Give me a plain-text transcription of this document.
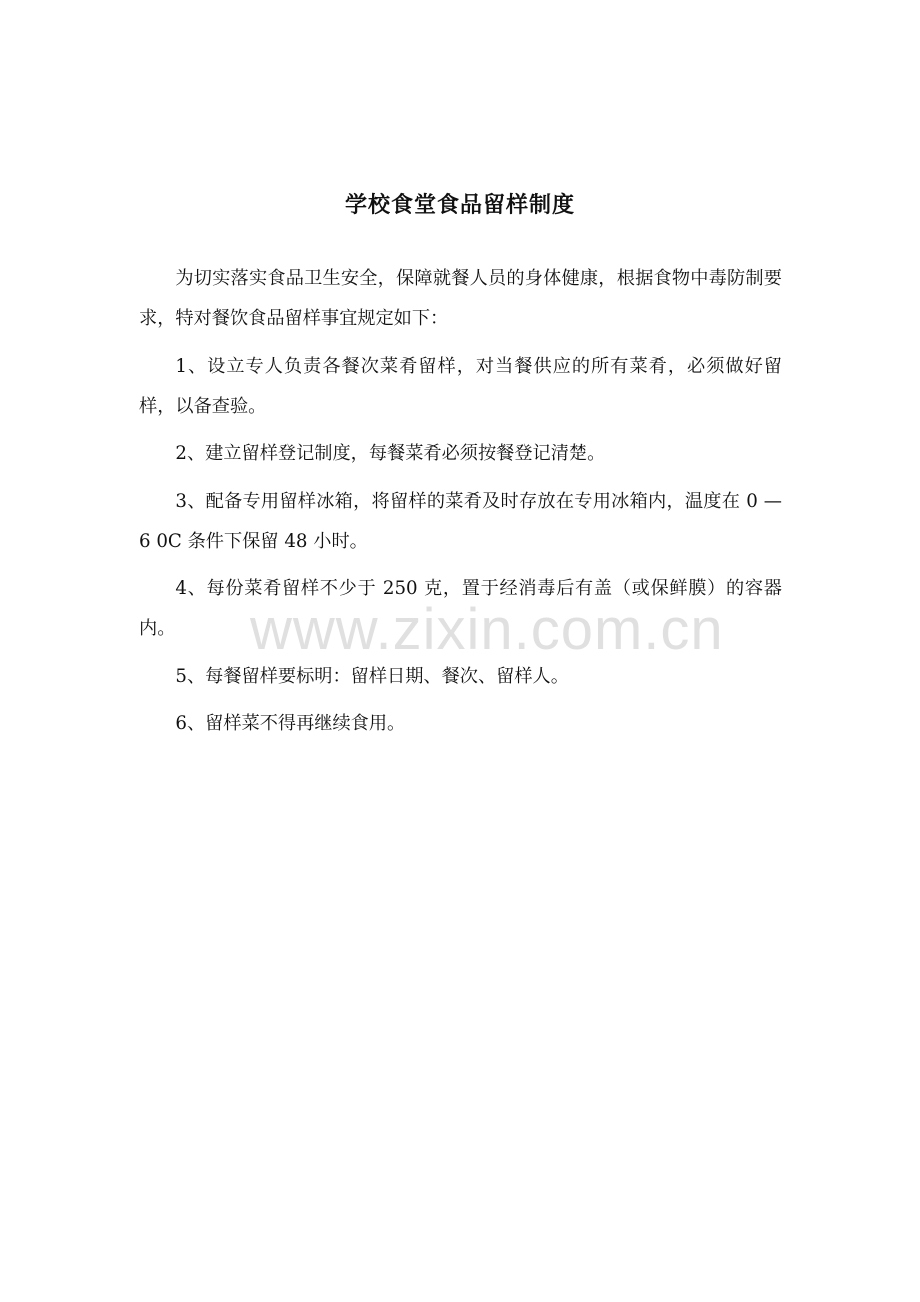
学校食堂食品留样制度

为切实落实食品卫生安全，保障就餐人员的身体健康，根据食物中毒防制要求，特对餐饮食品留样事宜规定如下：

1、设立专人负责各餐次菜肴留样，对当餐供应的所有菜肴，必须做好留样，以备查验。

2、建立留样登记制度，每餐菜肴必须按餐登记清楚。

3、配备专用留样冰箱，将留样的菜肴及时存放在专用冰箱内，温度在 0 —6 0C 条件下保留 48 小时。

4、每份菜肴留样不少于 250 克，置于经消毒后有盖（或保鲜膜）的容器内。

5、每餐留样要标明：留样日期、餐次、留样人。

6、留样菜不得再继续食用。

www.zixin.com.cn
